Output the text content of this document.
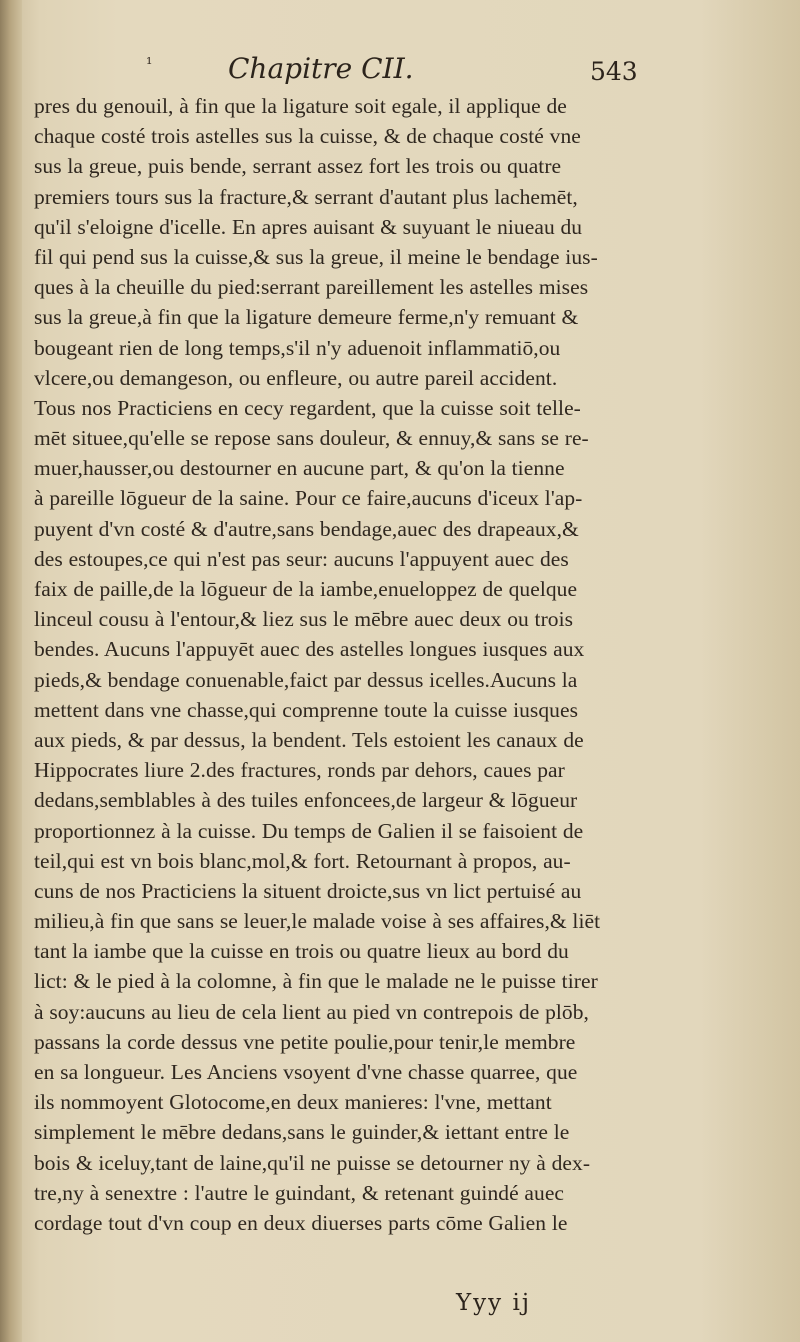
¹	Chapitre CII.	543
pres du genouil, à fin que la ligature soit egale, il applique de
chaque costé trois astelles sus la cuisse, & de chaque costé vne
sus la greue, puis bende, serrant assez fort les trois ou quatre
premiers tours sus la fracture,& serrant d'autant plus lachemēt,
qu'il s'eloigne d'icelle. En apres auisant & suyuant le niueau du
fil qui pend sus la cuisse,& sus la greue, il meine le bendage ius-
ques à la cheuille du pied:serrant pareillement les astelles mises
sus la greue,à fin que la ligature demeure ferme,n'y remuant &
bougeant rien de long temps,s'il n'y aduenoit inflammatiō,ou
vlcere,ou demangeson, ou enfleure, ou autre pareil accident.
Tous nos Practiciens en cecy regardent, que la cuisse soit telle-
mēt situee,qu'elle se repose sans douleur, & ennuy,& sans se re-
muer,hausser,ou destourner en aucune part, & qu'on la tienne
à pareille lōgueur de la saine. Pour ce faire,aucuns d'iceux l'ap-
puyent d'vn costé & d'autre,sans bendage,auec des drapeaux,&
des estoupes,ce qui n'est pas seur: aucuns l'appuyent auec des
faix de paille,de la lōgueur de la iambe,enueloppez de quelque
linceul cousu à l'entour,& liez sus le mēbre auec deux ou trois
bendes. Aucuns l'appuyēt auec des astelles longues iusques aux
pieds,& bendage conuenable,faict par dessus icelles.Aucuns la
mettent dans vne chasse,qui comprenne toute la cuisse iusques
aux pieds, & par dessus, la bendent. Tels estoient les canaux de
Hippocrates liure 2.des fractures, ronds par dehors, caues par
dedans,semblables à des tuiles enfoncees,de largeur & lōgueur
proportionnez à la cuisse. Du temps de Galien il se faisoient de
teil,qui est vn bois blanc,mol,& fort. Retournant à propos, au-
cuns de nos Practiciens la situent droicte,sus vn lict pertuisé au
milieu,à fin que sans se leuer,le malade voise à ses affaires,& liēt
tant la iambe que la cuisse en trois ou quatre lieux au bord du
lict: & le pied à la colomne, à fin que le malade ne le puisse tirer
à soy:aucuns au lieu de cela lient au pied vn contrepois de plōb,
passans la corde dessus vne petite poulie,pour tenir,le membre
en sa longueur. Les Anciens vsoyent d'vne chasse quarree, que
ils nommoyent Glotocome,en deux manieres: l'vne, mettant
simplement le mēbre dedans,sans le guinder,& iettant entre le
bois & iceluy,tant de laine,qu'il ne puisse se detourner ny à dex-
tre,ny à senextre : l'autre le guindant, & retenant guindé auec
cordage tout d'vn coup en deux diuerses parts cōme Galien le
Yyy ij
